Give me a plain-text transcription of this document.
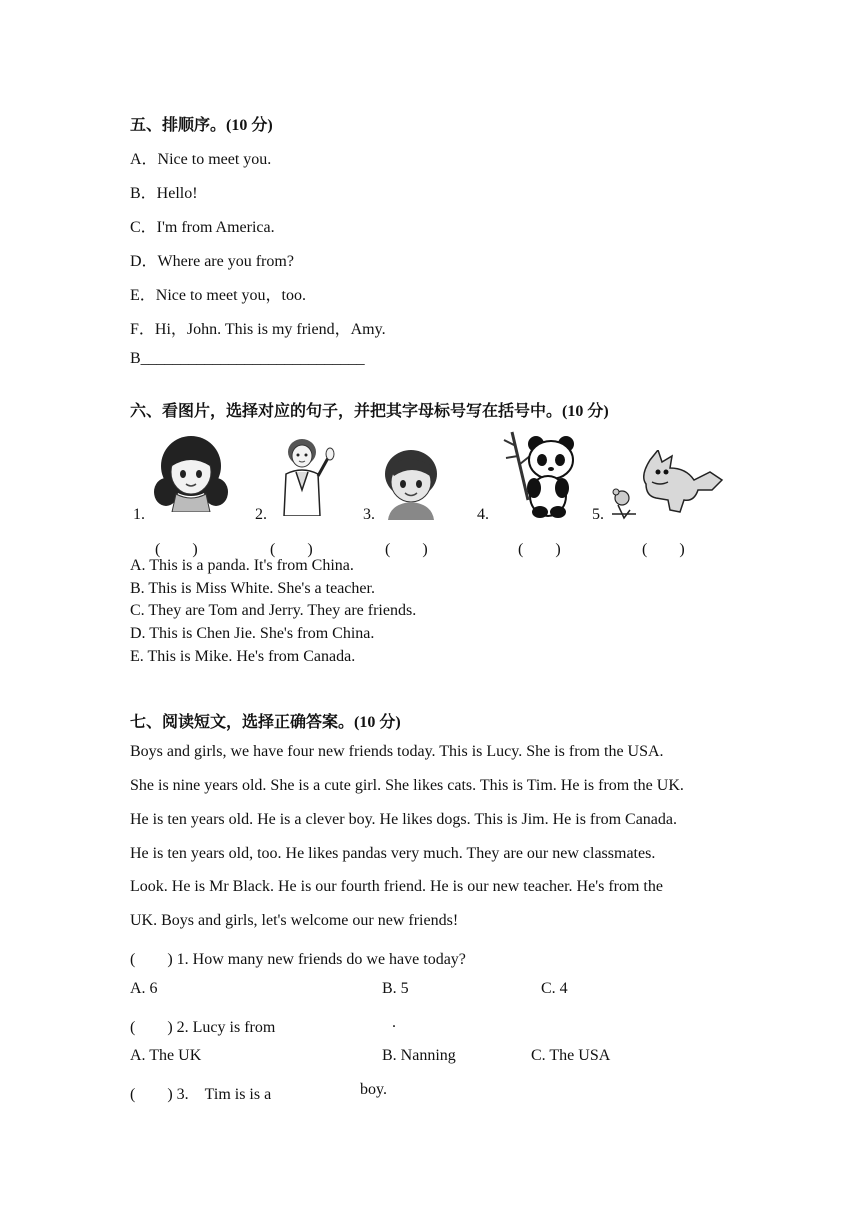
五、排顺序。(10 分)
A．Nice to meet you.
B．Hello!
C．I'm from America.
D．Where are you from?
E．Nice to meet you，too.
F．Hi，John. This is my friend，Amy.
B____________________________
六、看图片，选择对应的句子，并把其字母标号写在括号中。(10 分)
1.
(　　)
2.
(　　)
3.
(　　)
4.
(　　)
5.
(　　)
A. This is a panda. It's from China.
B. This is Miss White. She's a teacher.
C. They are Tom and Jerry. They are friends.
D. This is Chen Jie. She's from China.
E. This is Mike. He's from Canada.
七、阅读短文，选择正确答案。(10 分)
Boys and girls, we have four new friends today. This is Lucy. She is from the USA.
She is nine years old. She is a cute girl. She likes cats. This is Tim. He is from the UK.
He is ten years old. He is a clever boy. He likes dogs. This is Jim. He is from Canada.
He is ten years old, too. He likes pandas very much. They are our new classmates.
Look. He is Mr Black. He is our fourth friend. He is our new teacher. He's from the
UK. Boys and girls, let's welcome our new friends!
(　　) 1. How many new friends do we have today?
A. 6	B. 5	C. 4
(　　) 2. Lucy is from	.
A. The UK	B. Nanning	C. The USA
(　　) 3.　Tim is is a	boy.
